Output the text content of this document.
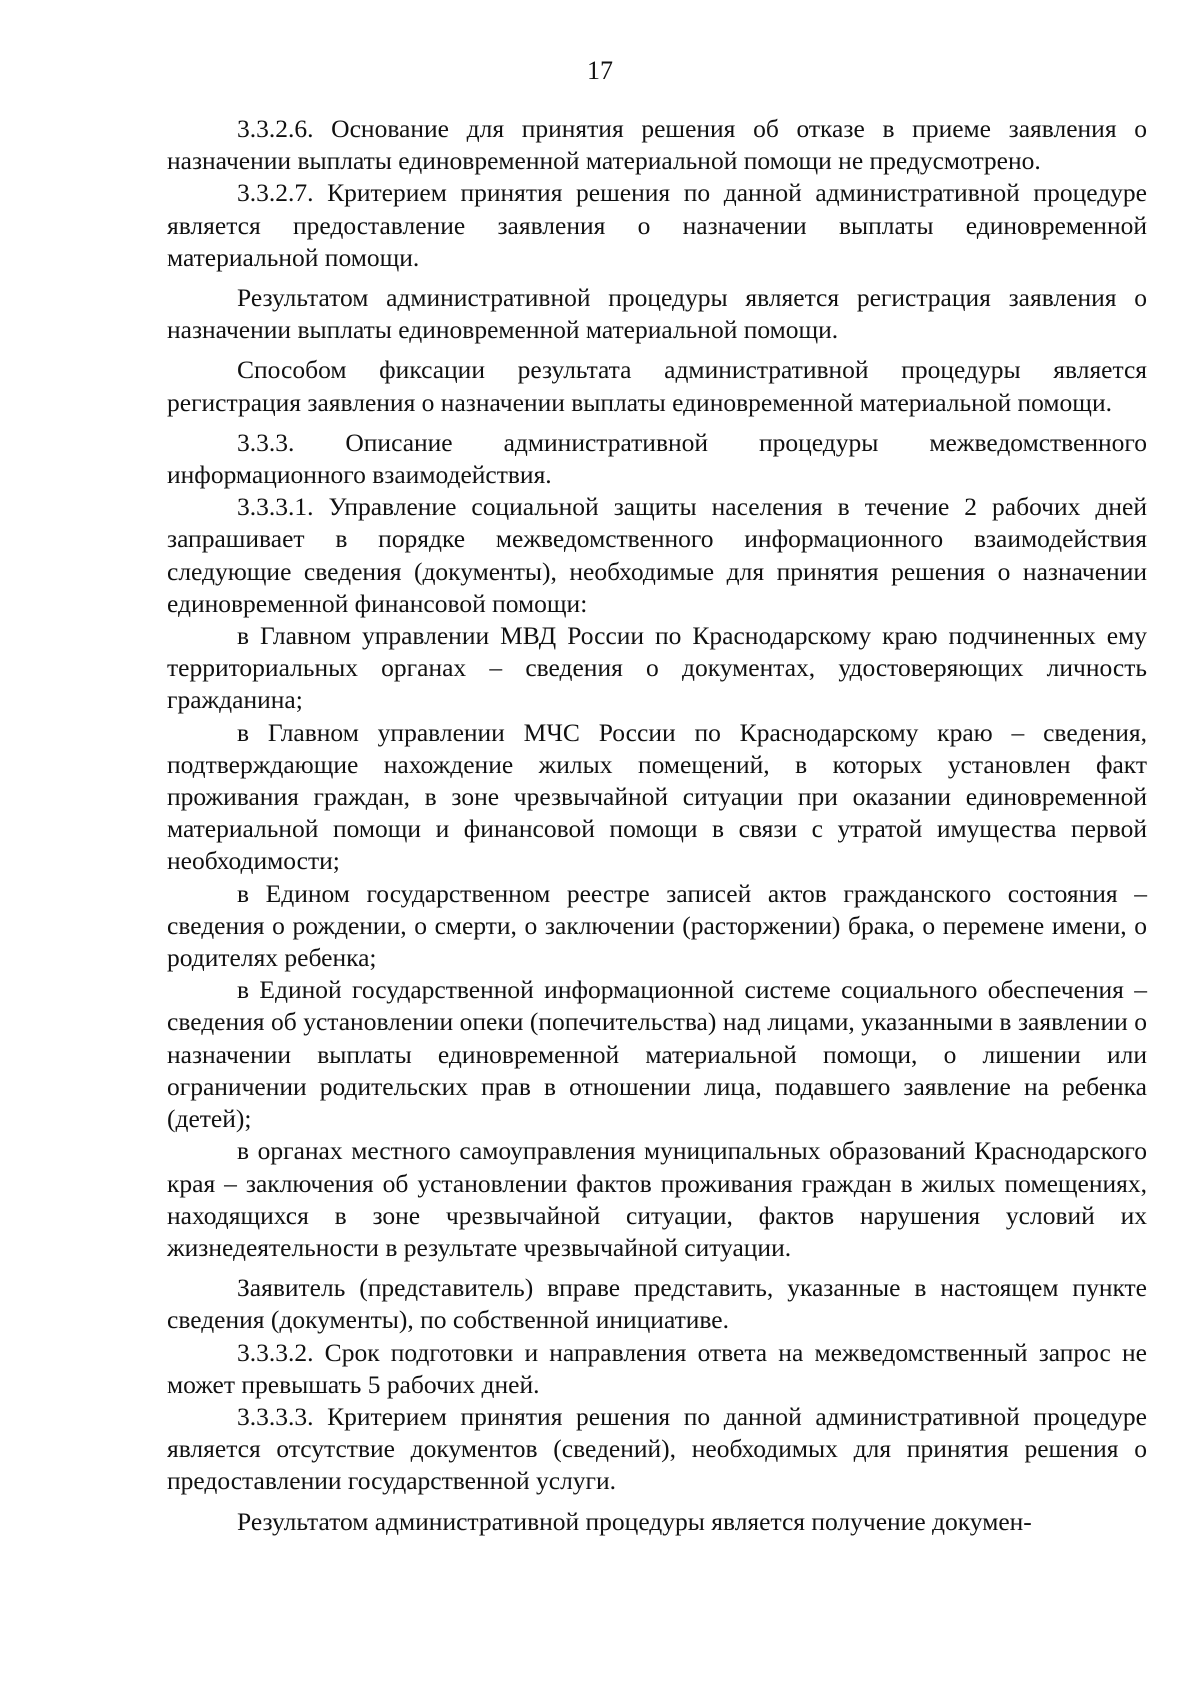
17

3.3.2.6. Основание для принятия решения об отказе в приеме заявления о назначении выплаты единовременной материальной помощи не предусмотрено.

3.3.2.7. Критерием принятия решения по данной административной процедуре является предоставление заявления о назначении выплаты единовременной материальной помощи.

Результатом административной процедуры является регистрация заявления о назначении выплаты единовременной материальной помощи.

Способом фиксации результата административной процедуры является регистрация заявления о назначении выплаты единовременной материальной помощи.

3.3.3. Описание административной процедуры межведомственного информационного взаимодействия.

3.3.3.1. Управление социальной защиты населения в течение 2 рабочих дней запрашивает в порядке межведомственного информационного взаимодействия следующие сведения (документы), необходимые для принятия решения о назначении единовременной финансовой помощи:

в Главном управлении МВД России по Краснодарскому краю подчиненных ему территориальных органах – сведения о документах, удостоверяющих личность гражданина;

в Главном управлении МЧС России по Краснодарскому краю – сведения, подтверждающие нахождение жилых помещений, в которых установлен факт проживания граждан, в зоне чрезвычайной ситуации при оказании единовременной материальной помощи и финансовой помощи в связи с утратой имущества первой необходимости;

в Едином государственном реестре записей актов гражданского состояния – сведения о рождении, о смерти, о заключении (расторжении) брака, о перемене имени, о родителях ребенка;

в Единой государственной информационной системе социального обеспечения – сведения об установлении опеки (попечительства) над лицами, указанными в заявлении о назначении выплаты единовременной материальной помощи, о лишении или ограничении родительских прав в отношении лица, подавшего заявление на ребенка (детей);

в органах местного самоуправления муниципальных образований Краснодарского края – заключения об установлении фактов проживания граждан в жилых помещениях, находящихся в зоне чрезвычайной ситуации, фактов нарушения условий их жизнедеятельности в результате чрезвычайной ситуации.

Заявитель (представитель) вправе представить, указанные в настоящем пункте сведения (документы), по собственной инициативе.

3.3.3.2. Срок подготовки и направления ответа на межведомственный запрос не может превышать 5 рабочих дней.

3.3.3.3. Критерием принятия решения по данной административной процедуре является отсутствие документов (сведений), необходимых для принятия решения о предоставлении государственной услуги.

Результатом административной процедуры является получение докумен-
